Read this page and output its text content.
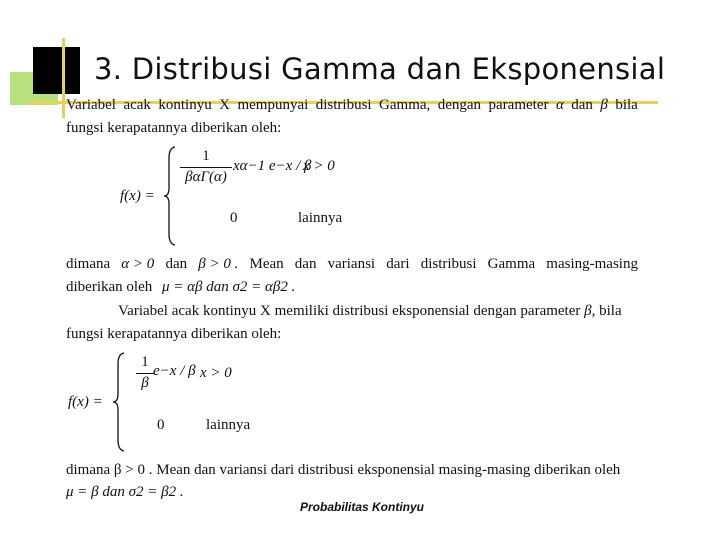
3. Distribusi Gamma dan Eksponensial
Variabel acak kontinyu X mempunyai distribusi Gamma, dengan parameter α dan β bila
fungsi kerapatannya diberikan oleh:
f(x) =
1
βαΓ(α)
xα−1 e−x / β
x > 0
0	lainnya
dimana α > 0 dan β > 0 . Mean dan variansi dari distribusi Gamma masing-masing
diberikan oleh μ = αβ dan σ2 = αβ2 .
Variabel acak kontinyu X memiliki distribusi eksponensial dengan parameter β, bila
fungsi kerapatannya diberikan oleh:
f(x) =
$\frac{1}{\beta} e-x / \beta$ x > 0
0	lainnya
dimana β > 0 . Mean dan variansi dari distribusi eksponensial masing-masing diberikan oleh
μ = β dan σ2 = β2 .
Probabilitas Kontinyu
